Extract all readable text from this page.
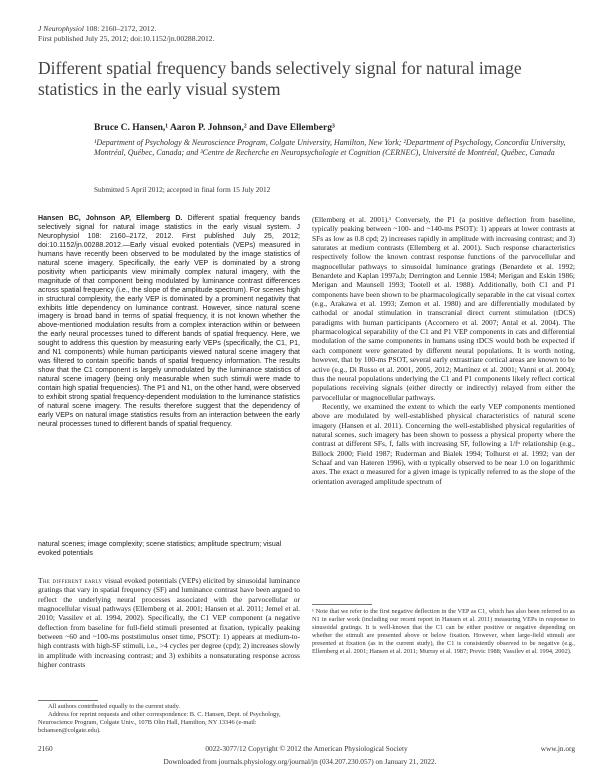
J Neurophysiol 108: 2160–2172, 2012.
First published July 25, 2012; doi:10.1152/jn.00288.2012.
Different spatial frequency bands selectively signal for natural image statistics in the early visual system
Bruce C. Hansen,¹ Aaron P. Johnson,² and Dave Ellemberg³
¹Department of Psychology & Neuroscience Program, Colgate University, Hamilton, New York; ²Department of Psychology, Concordia University, Montréal, Québec, Canada; and ³Centre de Recherche en Neuropsychologie et Cognition (CERNEC), Université de Montréal, Québec, Canada
Submitted 5 April 2012; accepted in final form 15 July 2012
Hansen BC, Johnson AP, Ellemberg D. Different spatial frequency bands selectively signal for natural image statistics in the early visual system. J Neurophysiol 108: 2160–2172, 2012. First published July 25, 2012; doi:10.1152/jn.00288.2012.—Early visual evoked potentials (VEPs) measured in humans have recently been observed to be modulated by the image statistics of natural scene imagery. Specifically, the early VEP is dominated by a strong positivity when participants view minimally complex natural imagery, with the magnitude of that component being modulated by luminance contrast differences across spatial frequency (i.e., the slope of the amplitude spectrum). For scenes high in structural complexity, the early VEP is dominated by a prominent negativity that exhibits little dependency on luminance contrast. However, since natural scene imagery is broad band in terms of spatial frequency, it is not known whether the above-mentioned modulation results from a complex interaction within or between the early neural processes tuned to different bands of spatial frequency. Here, we sought to address this question by measuring early VEPs (specifically, the C1, P1, and N1 components) while human participants viewed natural scene imagery that was filtered to contain specific bands of spatial frequency information. The results show that the C1 component is largely unmodulated by the luminance statistics of natural scene imagery (being only measurable when such stimuli were made to contain high spatial frequencies). The P1 and N1, on the other hand, were observed to exhibit strong spatial frequency-dependent modulation to the luminance statistics of natural scene imagery. The results therefore suggest that the dependency of early VEPs on natural image statistics results from an interaction between the early neural processes tuned to different bands of spatial frequency.
natural scenes; image complexity; scene statistics; amplitude spectrum; visual evoked potentials
The different early visual evoked potentials (VEPs) elicited by sinusoidal luminance gratings that vary in spatial frequency (SF) and luminance contrast have been argued to reflect the underlying neural processes associated with the parvocellular or magnocellular visual pathways (Ellemberg et al. 2001; Hansen et al. 2011; Jemel et al. 2010; Vassilev et al. 1994, 2002). Specifically, the C1 VEP component (a negative deflection from baseline for full-field stimuli presented at fixation, typically peaking between ~60 and ~100-ms poststimulus onset time, PSOT): 1) appears at medium-to-high contrasts with high-SF stimuli, i.e., >4 cycles per degree (cpd); 2) increases slowly in amplitude with increasing contrast; and 3) exhibits a nonsaturating response across higher contrasts

(Ellemberg et al. 2001).¹ Conversely, the P1 (a positive deflection from baseline, typically peaking between ~100- and ~140-ms PSOT): 1) appears at lower contrasts at SFs as low as 0.8 cpd; 2) increases rapidly in amplitude with increasing contrast; and 3) saturates at medium contrasts (Ellemberg et al. 2001). Such response characteristics respectively follow the known contrast response functions of the parvocellular and magnocellular pathways to sinusoidal luminance gratings (Benardete et al. 1992; Benardete and Kaplan 1997a,b; Derrington and Lennie 1984; Merigan and Eskin 1986; Merigan and Maunsell 1993; Tootell et al. 1988). Additionally, both C1 and P1 components have been shown to be pharmacologically separable in the cat visual cortex (e.g., Arakawa et al. 1993; Zemon et al. 1980) and are differentially modulated by cathodal or anodal stimulation in transcranial direct current stimulation (tDCS) paradigms with human participants (Accornero et al. 2007; Antal et al. 2004). The pharmacological separability of the C1 and P1 VEP components in cats and differential modulation of the same components in humans using tDCS would both be expected if each component were generated by different neural populations. It is worth noting, however, that by 100-ms PSOT, several early extrastriate cortical areas are known to be active (e.g., Di Russo et al. 2001, 2005, 2012; Martínez et al. 2001; Vanni et al. 2004); thus the neural populations underlying the C1 and P1 components likely reflect cortical populations receiving signals (either directly or indirectly) relayed from either the parvocellular or magnocellular pathways.

Recently, we examined the extent to which the early VEP components mentioned above are modulated by well-established physical characteristics of natural scene imagery (Hansen et al. 2011). Concerning the well-established physical regularities of natural scenes, such imagery has been shown to possess a physical property where the contrast at different SFs, f, falls with increasing SF, following a 1/fᵅ relationship (e.g., Billock 2000; Field 1987; Ruderman and Bialek 1994; Tolhurst et al. 1992; van der Schaaf and van Hateren 1996), with α typically observed to be near 1.0 on logarithmic axes. The exact α measured for a given image is typically referred to as the slope of the orientation averaged amplitude spectrum of

All authors contributed equally to the current study.

Address for reprint requests and other correspondence: B. C. Hansen, Dept. of Psychology, Neuroscience Program, Colgate Univ., 107B Olin Hall, Hamilton, NY 13346 (e-mail: bchansen@colgate.edu).

¹ Note that we refer to the first negative deflection in the VEP as C1, which has also been referred to as N1 in earlier work (including our recent report in Hansen et al. 2011) measuring VEPs in response to sinusoidal gratings. It is well-known that the C1 can be either positive or negative depending on whether the stimuli are presented above or below fixation. However, when large-field stimuli are presented at fixation (as in the current study), the C1 is consistently observed to be negative (e.g., Ellemberg et al. 2001; Hansen et al. 2011; Murray et al. 1987; Previc 1988; Vassilev et al. 1994, 2002).
2160	0022-3077/12 Copyright © 2012 the American Physiological Society	www.jn.org
Downloaded from journals.physiology.org/journal/jn (034.207.230.057) on January 21, 2022.
